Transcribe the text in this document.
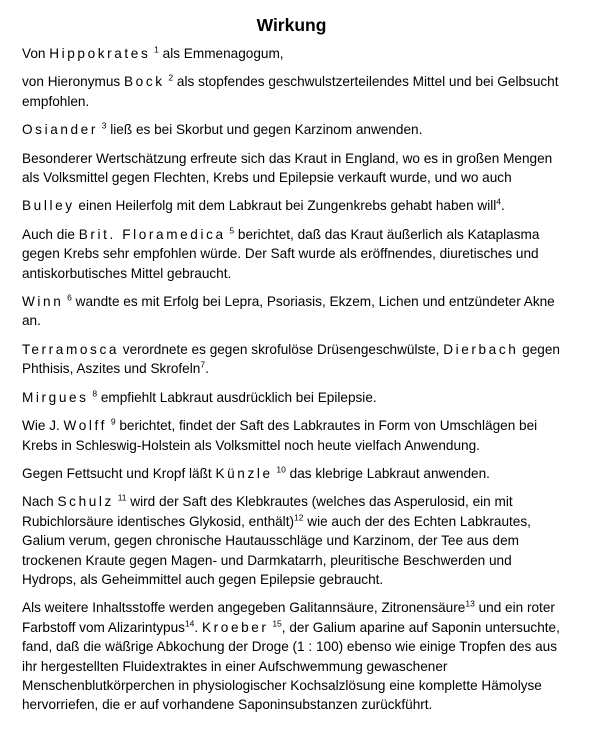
Wirkung

Von Hippokrates $^1$ als Emmenagogum,

von Hieronymus Bock $^2$ als stopfendes geschwulstzerteilendes Mittel und bei Gelbsucht empfohlen.

Osiander $^3$ ließ es bei Skorbut und gegen Karzinom anwenden.

Besonderer Wertschätzung erfreute sich das Kraut in England, wo es in großen Mengen als Volksmittel gegen Flechten, Krebs und Epilepsie verkauft wurde, und wo auch

Bulley einen Heilerfolg mit dem Labkraut bei Zungenkrebs gehabt haben will$^4$.

Auch die Brit. Floramedica $^5$ berichtet, daß das Kraut äußerlich als Kataplasma gegen Krebs sehr empfohlen würde. Der Saft wurde als eröffnendes, diuretisches und antiskorbutisches Mittel gebraucht.

Winn $^6$ wandte es mit Erfolg bei Lepra, Psoriasis, Ekzem, Lichen und entzündeter Akne an.

Terramosca verordnete es gegen skrofulöse Drüsengeschwülste, Dierbach gegen Phthisis, Aszites und Skrofeln$^7$.

Mirgues $^8$ empfiehlt Labkraut ausdrücklich bei Epilepsie.

Wie J. Wolff $^9$ berichtet, findet der Saft des Labkrautes in Form von Umschlägen bei Krebs in Schleswig-Holstein als Volksmittel noch heute vielfach Anwendung.

Gegen Fettsucht und Kropf läßt Künzle $^{10}$ das klebrige Labkraut anwenden.

Nach Schulz $^{11}$ wird der Saft des Klebkrautes (welches das Asperulosid, ein mit Rubichlorsäure identisches Glykosid, enthält)$^{12}$ wie auch der des Echten Labkrautes, Galium verum, gegen chronische Hautausschläge und Karzinom, der Tee aus dem trockenen Kraute gegen Magen- und Darmkatarrh, pleuritische Beschwerden und Hydrops, als Geheimmittel auch gegen Epilepsie gebraucht.

Als weitere Inhaltsstoffe werden angegeben Galitannsäure, Zitronensäure$^{13}$ und ein roter Farbstoff vom Alizarintypus$^{14}$. Kroeber $^{15}$, der Galium aparine auf Saponin untersuchte, fand, daß die wäßrige Abkochung der Droge (1 : 100) ebenso wie einige Tropfen des aus ihr hergestellten Fluidextraktes in einer Aufschwemmung gewaschener Menschenblutkörperchen in physiologischer Kochsalzlösung eine komplette Hämolyse hervorriefen, die er auf vorhandene Saponinsubstanzen zurückführt.
